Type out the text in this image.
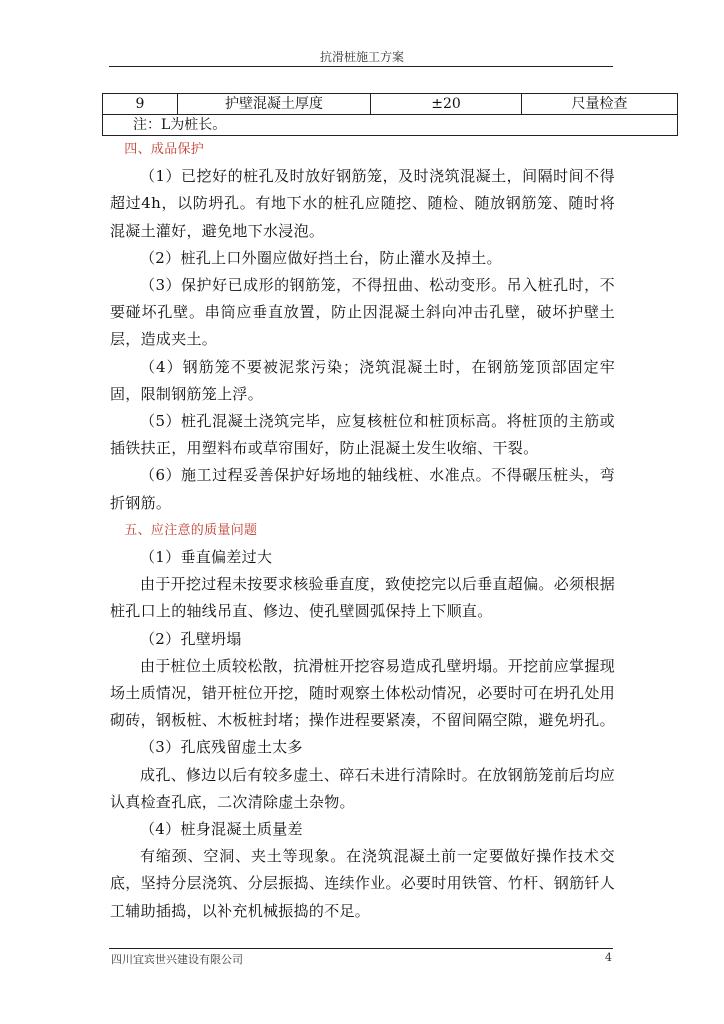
抗滑桩施工方案
9	护壁混凝土厚度	±20	尺量检查
注：L为桩长。

四、成品保护

（1）已挖好的桩孔及时放好钢筋笼，及时浇筑混凝土，间隔时间不得超过4h，以防坍孔。有地下水的桩孔应随挖、随检、随放钢筋笼、随时将混凝土灌好，避免地下水浸泡。

（2）桩孔上口外圈应做好挡土台，防止灌水及掉土。

（3）保护好已成形的钢筋笼，不得扭曲、松动变形。吊入桩孔时，不要碰坏孔壁。串筒应垂直放置，防止因混凝土斜向冲击孔壁，破坏护壁土层，造成夹土。

（4）钢筋笼不要被泥浆污染；浇筑混凝土时，在钢筋笼顶部固定牢固，限制钢筋笼上浮。

（5）桩孔混凝土浇筑完毕，应复核桩位和桩顶标高。将桩顶的主筋或插铁扶正，用塑料布或草帘围好，防止混凝土发生收缩、干裂。

（6）施工过程妥善保护好场地的轴线桩、水准点。不得碾压桩头，弯折钢筋。

五、应注意的质量问题

（1）垂直偏差过大

由于开挖过程未按要求核验垂直度，致使挖完以后垂直超偏。必须根据桩孔口上的轴线吊直、修边、使孔壁圆弧保持上下顺直。

（2）孔壁坍塌

由于桩位土质较松散，抗滑桩开挖容易造成孔壁坍塌。开挖前应掌握现场土质情况，错开桩位开挖，随时观察土体松动情况，必要时可在坍孔处用砌砖，钢板桩、木板桩封堵；操作进程要紧凑，不留间隔空隙，避免坍孔。

（3）孔底残留虚土太多

成孔、修边以后有较多虚土、碎石未进行清除时。在放钢筋笼前后均应认真检查孔底，二次清除虚土杂物。

（4）桩身混凝土质量差

有缩颈、空洞、夹土等现象。在浇筑混凝土前一定要做好操作技术交底，坚持分层浇筑、分层振捣、连续作业。必要时用铁管、竹杆、钢筋钎人工辅助插捣，以补充机械振捣的不足。

四川宜宾世兴建设有限公司	4
